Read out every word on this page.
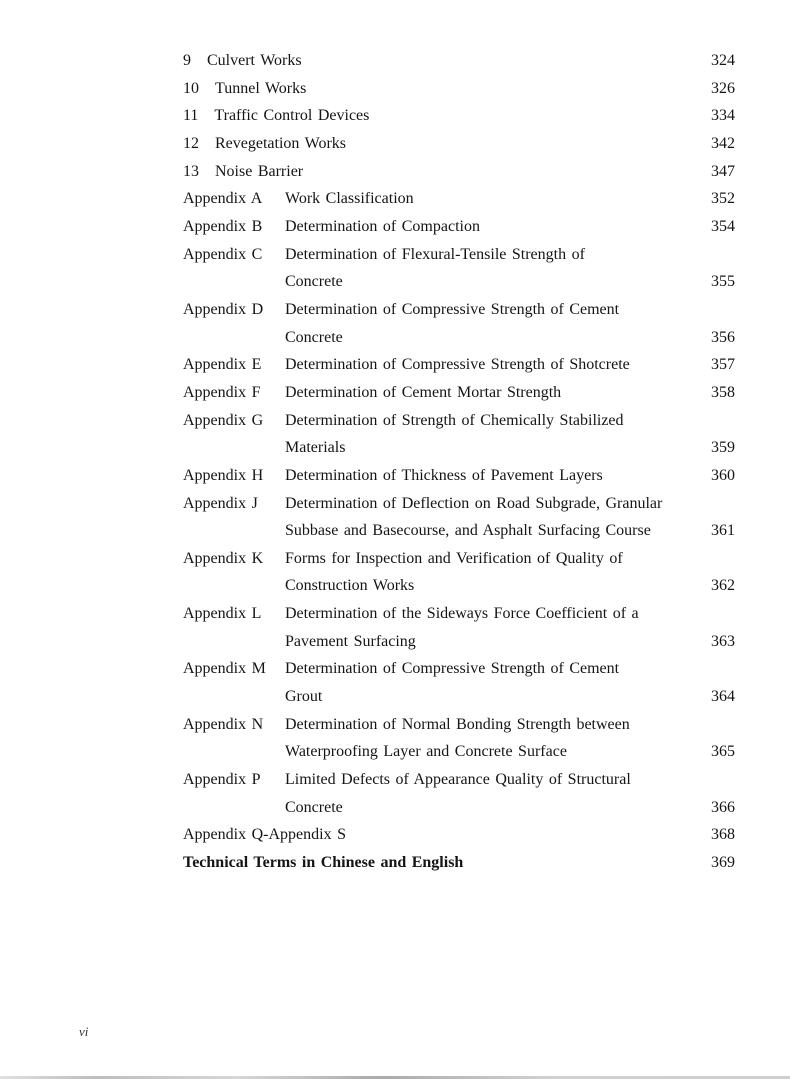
9 Culvert Works	324
10 Tunnel Works	326
11 Traffic Control Devices	334
12 Revegetation Works	342
13 Noise Barrier	347
Appendix A	Work Classification	352
Appendix B	Determination of Compaction	354
Appendix C	Determination of Flexural-Tensile Strength of
Concrete	355
Appendix D	Determination of Compressive Strength of Cement
Concrete	356
Appendix E	Determination of Compressive Strength of Shotcrete	357
Appendix F	Determination of Cement Mortar Strength	358
Appendix G	Determination of Strength of Chemically Stabilized
Materials	359
Appendix H	Determination of Thickness of Pavement Layers	360
Appendix J	Determination of Deflection on Road Subgrade, Granular
Subbase and Basecourse, and Asphalt Surfacing Course	361
Appendix K	Forms for Inspection and Verification of Quality of
Construction Works	362
Appendix L	Determination of the Sideways Force Coefficient of a
Pavement Surfacing	363
Appendix M	Determination of Compressive Strength of Cement
Grout	364
Appendix N	Determination of Normal Bonding Strength between
Waterproofing Layer and Concrete Surface	365
Appendix P	Limited Defects of Appearance Quality of Structural
Concrete	366
Appendix Q-Appendix S	368
Technical Terms in Chinese and English	369
vi
